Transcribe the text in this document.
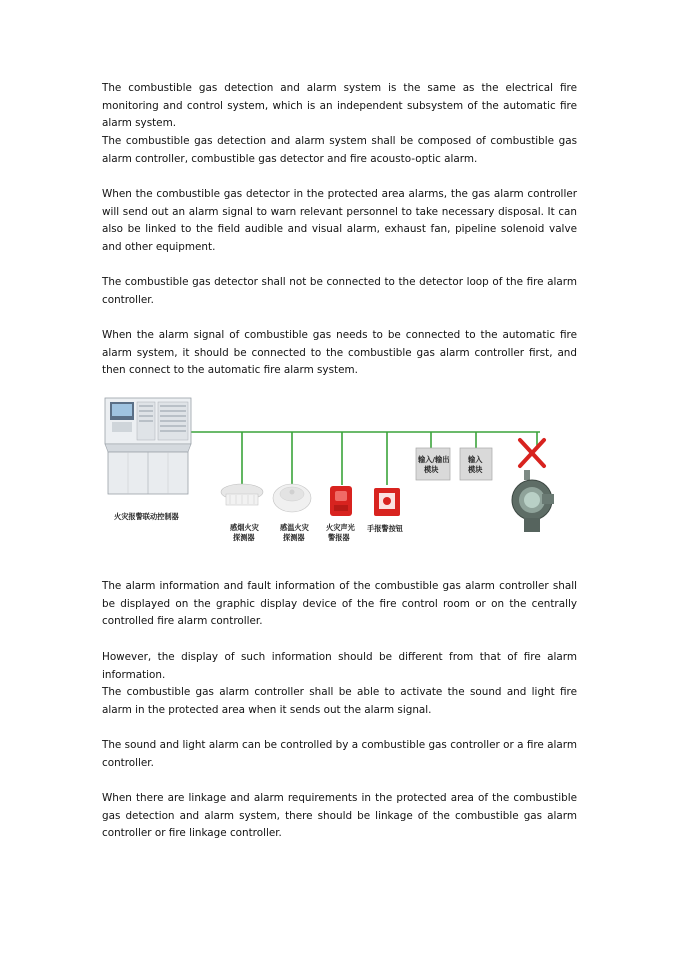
The combustible gas detection and alarm system is the same as the electrical fire monitoring and control system, which is an independent subsystem of the automatic fire alarm system.

The combustible gas detection and alarm system shall be composed of combustible gas alarm controller, combustible gas detector and fire acousto-optic alarm.

When the combustible gas detector in the protected area alarms, the gas alarm controller will send out an alarm signal to warn relevant personnel to take necessary disposal. It can also be linked to the field audible and visual alarm, exhaust fan, pipeline solenoid valve and other equipment.

The combustible gas detector shall not be connected to the detector loop of the fire alarm controller.

When the alarm signal of combustible gas needs to be connected to the automatic fire alarm system, it should be connected to the combustible gas alarm controller first, and then connect to the automatic fire alarm system.

火灾报警联动控制器
感烟火灾
探测器
感温火灾
探测器
火灾声光
警报器
手报警按钮
输入/输出
模块
输入
模块

The alarm information and fault information of the combustible gas alarm controller shall be displayed on the graphic display device of the fire control room or on the centrally controlled fire alarm controller.

However, the display of such information should be different from that of fire alarm information.

The combustible gas alarm controller shall be able to activate the sound and light fire alarm in the protected area when it sends out the alarm signal.

The sound and light alarm can be controlled by a combustible gas controller or a fire alarm controller.

When there are linkage and alarm requirements in the protected area of the combustible gas detection and alarm system, there should be linkage of the combustible gas alarm controller or fire linkage controller.
